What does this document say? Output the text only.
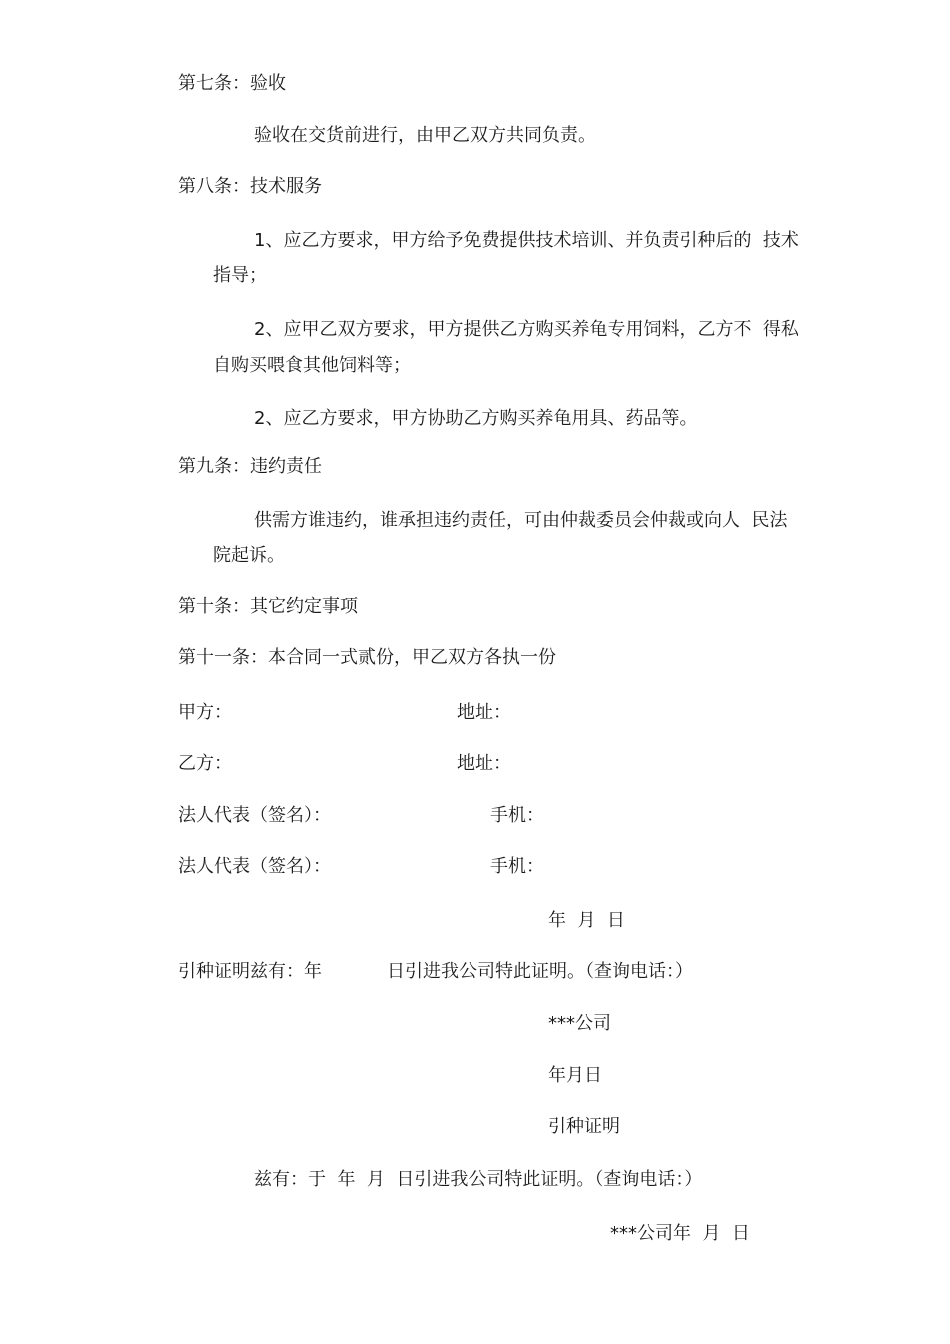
第七条：验收
验收在交货前进行，由甲乙双方共同负责。
第八条：技术服务
1、应乙方要求，甲方给予免费提供技术培训、并负责引种后的  技术
指导；
2、应甲乙双方要求，甲方提供乙方购买养龟专用饲料，乙方不  得私
自购买喂食其他饲料等；
2、应乙方要求，甲方协助乙方购买养龟用具、药品等。
第九条：违约责任
供需方谁违约，谁承担违约责任，可由仲裁委员会仲裁或向人  民法
院起诉。
第十条：其它约定事项
第十一条：本合同一式贰份，甲乙双方各执一份
甲方：	地址：
乙方：	地址：
法人代表（签名）：	手机：
法人代表（签名）：	手机：
年  月  日
引种证明兹有：年	日引进我公司特此证明。（查询电话：）
***公司
年月日
引种证明
兹有：于  年  月  日引进我公司特此证明。（查询电话：）
***公司年  月  日
